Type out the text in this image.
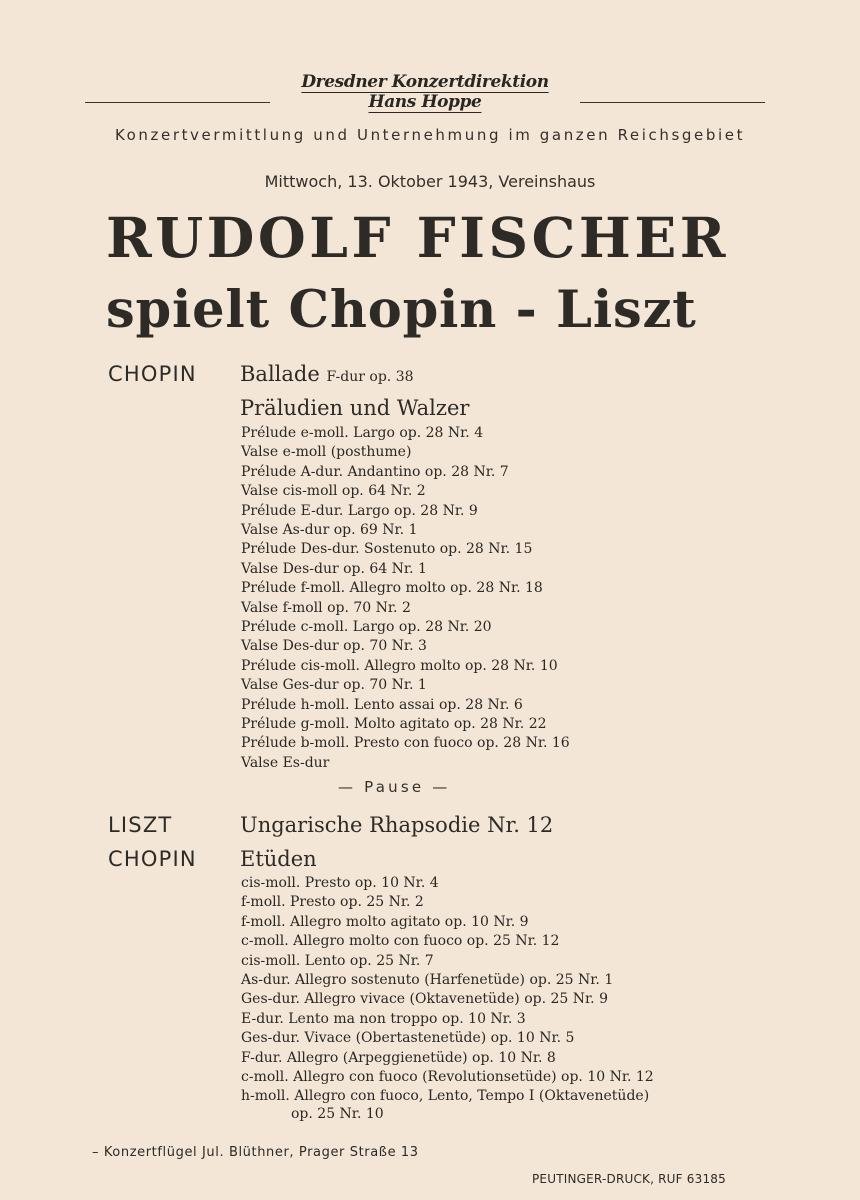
Dresdner Konzertdirektion Hans Hoppe
Konzertvermittlung und Unternehmung im ganzen Reichsgebiet
Mittwoch, 13. Oktober 1943, Vereinshaus
RUDOLF FISCHER
spielt Chopin - Liszt
CHOPIN Ballade F-dur op. 38
Präludien und Walzer
Prélude e-moll. Largo op. 28 Nr. 4
Valse e-moll (posthume)
Prélude A-dur. Andantino op. 28 Nr. 7
Valse cis-moll op. 64 Nr. 2
Prélude E-dur. Largo op. 28 Nr. 9
Valse As-dur op. 69 Nr. 1
Prélude Des-dur. Sostenuto op. 28 Nr. 15
Valse Des-dur op. 64 Nr. 1
Prélude f-moll. Allegro molto op. 28 Nr. 18
Valse f-moll op. 70 Nr. 2
Prélude c-moll. Largo op. 28 Nr. 20
Valse Des-dur op. 70 Nr. 3
Prélude cis-moll. Allegro molto op. 28 Nr. 10
Valse Ges-dur op. 70 Nr. 1
Prélude h-moll. Lento assai op. 28 Nr. 6
Prélude g-moll. Molto agitato op. 28 Nr. 22
Prélude b-moll. Presto con fuoco op. 28 Nr. 16
Valse Es-dur
— Pause —
LISZT	Ungarische Rhapsodie Nr. 12
CHOPIN Etüden
cis-moll. Presto op. 10 Nr. 4
f-moll. Presto op. 25 Nr. 2
f-moll. Allegro molto agitato op. 10 Nr. 9
c-moll. Allegro molto con fuoco op. 25 Nr. 12
cis-moll. Lento op. 25 Nr. 7
As-dur. Allegro sostenuto (Harfenetüde) op. 25 Nr. 1
Ges-dur. Allegro vivace (Oktavenetüde) op. 25 Nr. 9
E-dur. Lento ma non troppo op. 10 Nr. 3
Ges-dur. Vivace (Obertastenetüde) op. 10 Nr. 5
F-dur. Allegro (Arpeggienetüde) op. 10 Nr. 8
c-moll. Allegro con fuoco (Revolutionsetüde) op. 10 Nr. 12
h-moll. Allegro con fuoco, Lento, Tempo I (Oktavenetüde)
op. 25 Nr. 10
– Konzertflügel Jul. Blüthner, Prager Straße 13
PEUTINGER-DRUCK, RUF 63185
